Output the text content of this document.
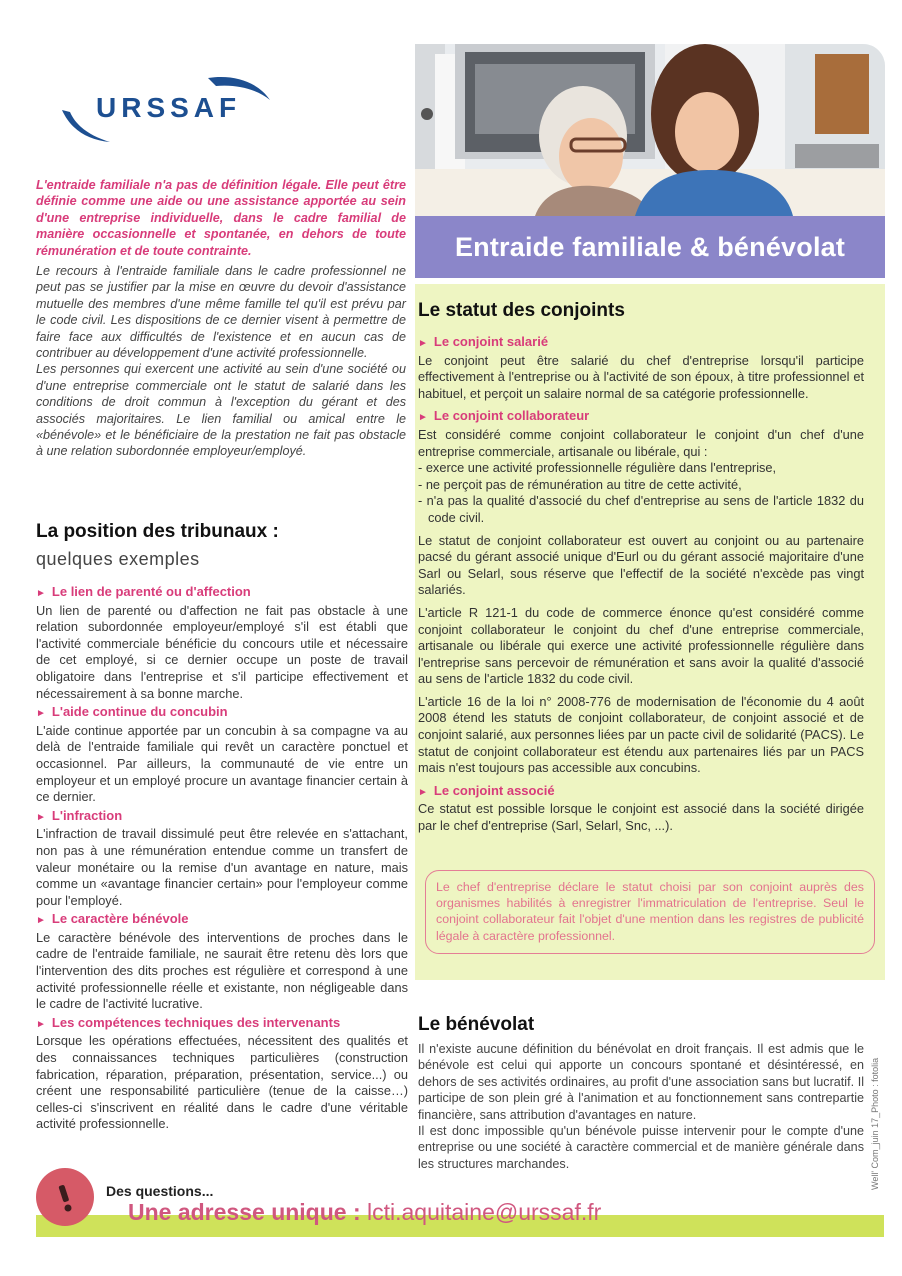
URSSAF
Entraide familiale & bénévolat
L'entraide familiale n'a pas de définition légale. Elle peut être définie comme une aide ou une assistance apportée au sein d'une entreprise individuelle, dans le cadre familial de manière occasionnelle et spontanée, en dehors de toute rémunération et de toute contrainte.

Le recours à l'entraide familiale dans le cadre professionnel ne peut pas se justifier par la mise en œuvre du devoir d'assistance mutuelle des membres d'une même famille tel qu'il est prévu par le code civil. Les dispositions de ce dernier visent à permettre de faire face aux difficultés de l'existence et en aucun cas de contribuer au développement d'une activité professionnelle.

Les personnes qui exercent une activité au sein d'une société ou d'une entreprise commerciale ont le statut de salarié dans les conditions de droit commun à l'exception du gérant et des associés majoritaires. Le lien familial ou amical entre le «bénévole» et le bénéficiaire de la prestation ne fait pas obstacle à une relation subordonnée employeur/employé.

La position des tribunaux :
quelques exemples
► Le lien de parenté ou d'affection

Un lien de parenté ou d'affection ne fait pas obstacle à une relation subordonnée employeur/employé s'il est établi que l'activité commerciale bénéficie du concours utile et nécessaire de cet employé, si ce dernier occupe un poste de travail obligatoire dans l'entreprise et s'il participe effectivement et nécessairement à sa bonne marche.

► L'aide continue du concubin

L'aide continue apportée par un concubin à sa compagne va au delà de l'entraide familiale qui revêt un caractère ponctuel et occasionnel. Par ailleurs, la communauté de vie entre un employeur et un employé procure un avantage financier certain à ce dernier.

► L'infraction

L'infraction de travail dissimulé peut être relevée en s'attachant, non pas à une rémunération entendue comme un transfert de valeur monétaire ou la remise d'un avantage en nature, mais comme un «avantage financier certain» pour l'employeur comme pour l'employé.

► Le caractère bénévole

Le caractère bénévole des interventions de proches dans le cadre de l'entraide familiale, ne saurait être retenu dès lors que l'intervention des dits proches est régulière et correspond à une activité professionnelle réelle et existante, non négligeable dans le cadre de l'activité lucrative.

► Les compétences techniques des intervenants

Lorsque les opérations effectuées, nécessitent des qualités et des connaissances techniques particulières (construction fabrication, réparation, préparation, présentation, service...) ou créent une responsabilité particulière (tenue de la caisse…) celles-ci s'inscrivent en réalité dans le cadre d'une véritable activité professionnelle.

Le statut des conjoints
► Le conjoint salarié

Le conjoint peut être salarié du chef d'entreprise lorsqu'il participe effectivement à l'entreprise ou à l'activité de son époux, à titre professionnel et habituel, et perçoit un salaire normal de sa catégorie professionnelle.

► Le conjoint collaborateur

Est considéré comme conjoint collaborateur le conjoint d'un chef d'une entreprise commerciale, artisanale ou libérale, qui :

- exerce une activité professionnelle régulière dans l'entreprise,
- ne perçoit pas de rémunération au titre de cette activité,
- n'a pas la qualité d'associé du chef d'entreprise au sens de l'article 1832 du code civil.

Le statut de conjoint collaborateur est ouvert au conjoint ou au partenaire pacsé du gérant associé unique d'Eurl ou du gérant associé majoritaire d'une Sarl ou Selarl, sous réserve que l'effectif de la société n'excède pas vingt salariés.

L'article R 121-1 du code de commerce énonce qu'est considéré comme conjoint collaborateur le conjoint du chef d'une entreprise commerciale, artisanale ou libérale qui exerce une activité professionnelle régulière dans l'entreprise sans percevoir de rémunération et sans avoir la qualité d'associé au sens de l'article 1832 du code civil.

L'article 16 de la loi n° 2008-776 de modernisation de l'économie du 4 août 2008 étend les statuts de conjoint collaborateur, de conjoint associé et de conjoint salarié, aux personnes liées par un pacte civil de solidarité (PACS). Le statut de conjoint collaborateur est étendu aux partenaires liés par un PACS mais n'est toujours pas accessible aux concubins.

► Le conjoint associé

Ce statut est possible lorsque le conjoint est associé dans la société dirigée par le chef d'entreprise (Sarl, Selarl, Snc, ...).

Le chef d'entreprise déclare le statut choisi par son conjoint auprès des organismes habilités à enregistrer l'immatriculation de l'entreprise. Seul le conjoint collaborateur fait l'objet d'une mention dans les registres de publicité légale à caractère professionnel.
Le bénévolat

Il n'existe aucune définition du bénévolat en droit français. Il est admis que le bénévole est celui qui apporte un concours spontané et désintéressé, en dehors de ses activités ordinaires, au profit d'une association sans but lucratif. Il participe de son plein gré à l'animation et au fonctionnement sans contrepartie financière, sans attribution d'avantages en nature.

Il est donc impossible qu'un bénévole puisse intervenir pour le compte d'une entreprise ou une société à caractère commercial et de manière générale dans les structures marchandes.	Well' Com_juin 17_Photo : fotolia
Des questions...
Une adresse unique : lcti.aquitaine@urssaf.fr
